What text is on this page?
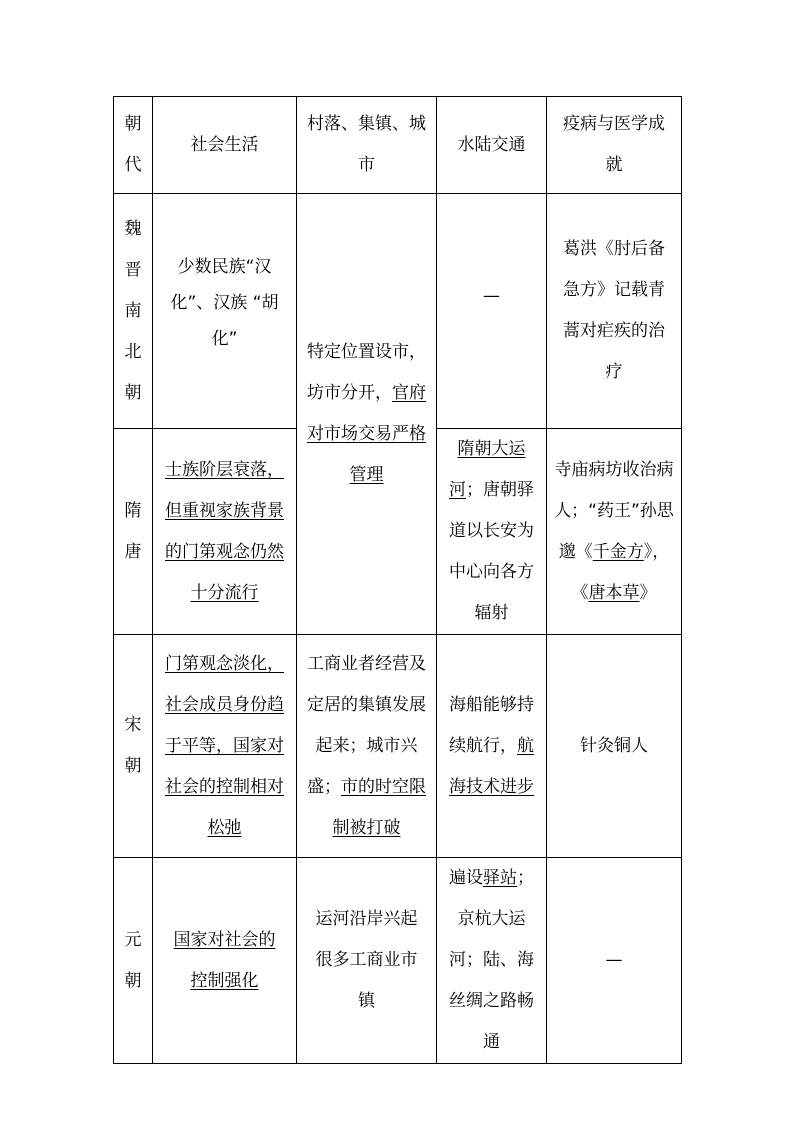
朝代	社会生活	村落、集镇、城市	水陆交通	疫病与医学成就
魏晋南北朝	少数民族“汉化”、汉族 “胡化”	特定位置设市，坊市分开，官府对市场交易严格管理	—	葛洪《肘后备急方》记载青蒿对疟疾的治疗
隋唐	士族阶层衰落，但重视家族背景的门第观念仍然十分流行		隋朝大运河；唐朝驿道以长安为中心向各方辐射	寺庙病坊收治病人；“药王”孙思邈《千金方》，《唐本草》
宋朝	门第观念淡化，社会成员身份趋于平等，国家对社会的控制相对松弛	工商业者经营及定居的集镇发展起来；城市兴盛；市的时空限制被打破	海船能够持续航行，航海技术进步	针灸铜人
元朝	国家对社会的控制强化	运河沿岸兴起很多工商业市镇	遍设驿站；京杭大运河；陆、海丝绸之路畅通	—
